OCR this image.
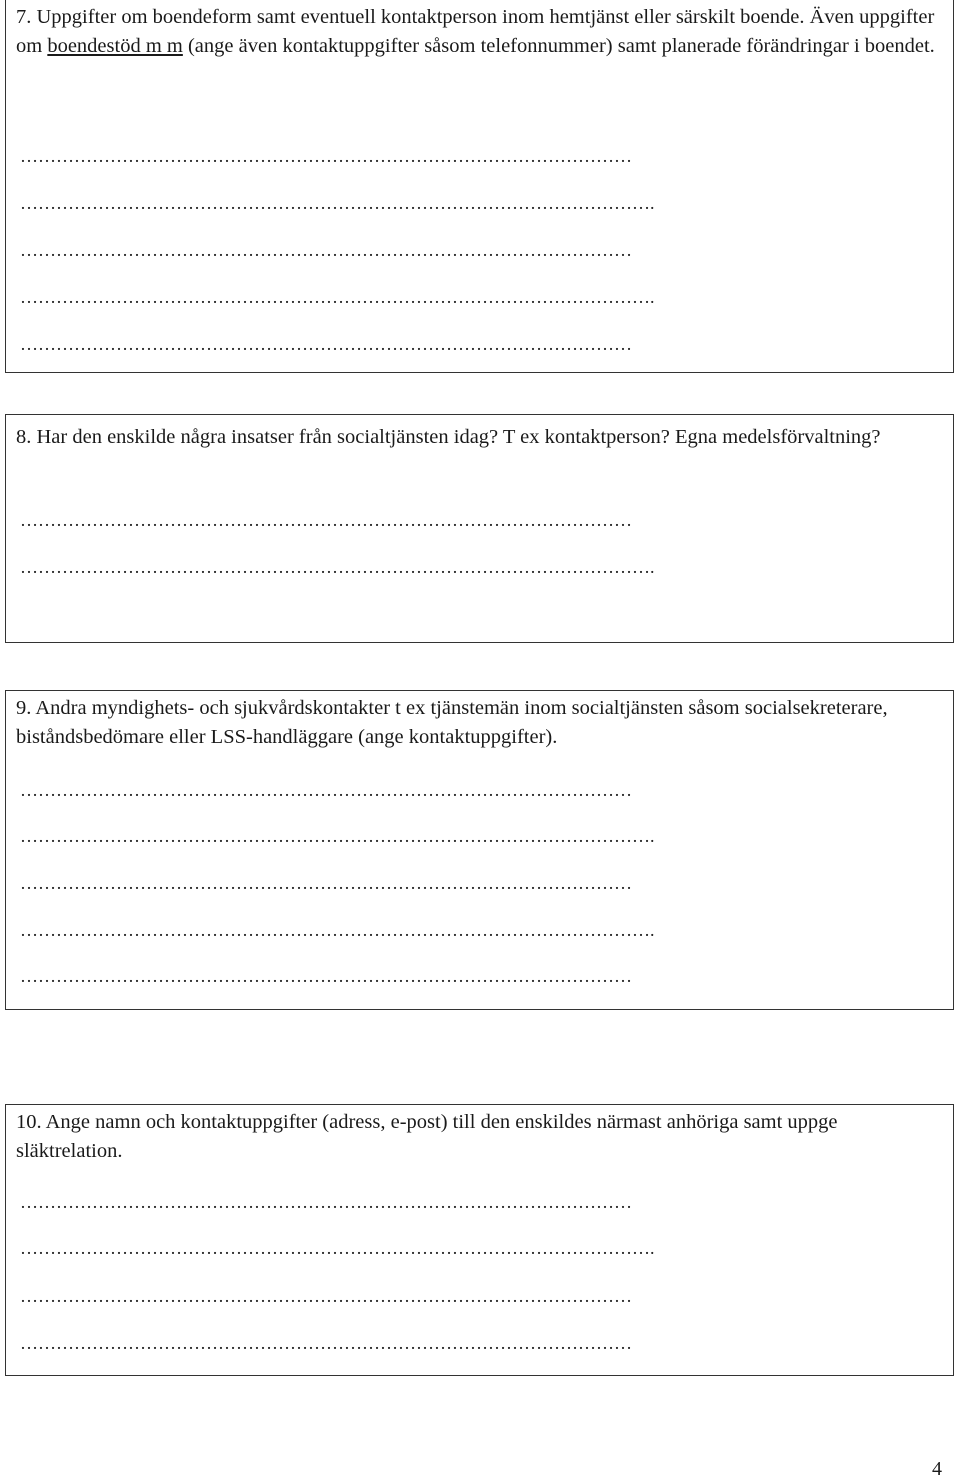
7. Uppgifter om boendeform samt eventuell kontaktperson inom hemtjänst eller särskilt boende. Även uppgifter om boendestöd m m (ange även kontaktuppgifter såsom telefonnummer) samt planerade förändringar i boendet.

…………………………………………………………………………………………

…………………………………………………………………………………………….

…………………………………………………………………………………………

…………………………………………………………………………………………….

…………………………………………………………………………………………

8. Har den enskilde några insatser från socialtjänsten idag? T ex kontaktperson? Egna medelsförvaltning?

…………………………………………………………………………………………

…………………………………………………………………………………………….

9. Andra myndighets- och sjukvårdskontakter t ex tjänstemän inom socialtjänsten såsom socialsekreterare, biståndsbedömare eller LSS-handläggare (ange kontaktuppgifter).

…………………………………………………………………………………………

…………………………………………………………………………………………….

…………………………………………………………………………………………

…………………………………………………………………………………………….

…………………………………………………………………………………………

10. Ange namn och kontaktuppgifter (adress, e-post) till den enskildes närmast anhöriga samt uppge släktrelation.

…………………………………………………………………………………………

…………………………………………………………………………………………….

…………………………………………………………………………………………

…………………………………………………………………………………………

4
